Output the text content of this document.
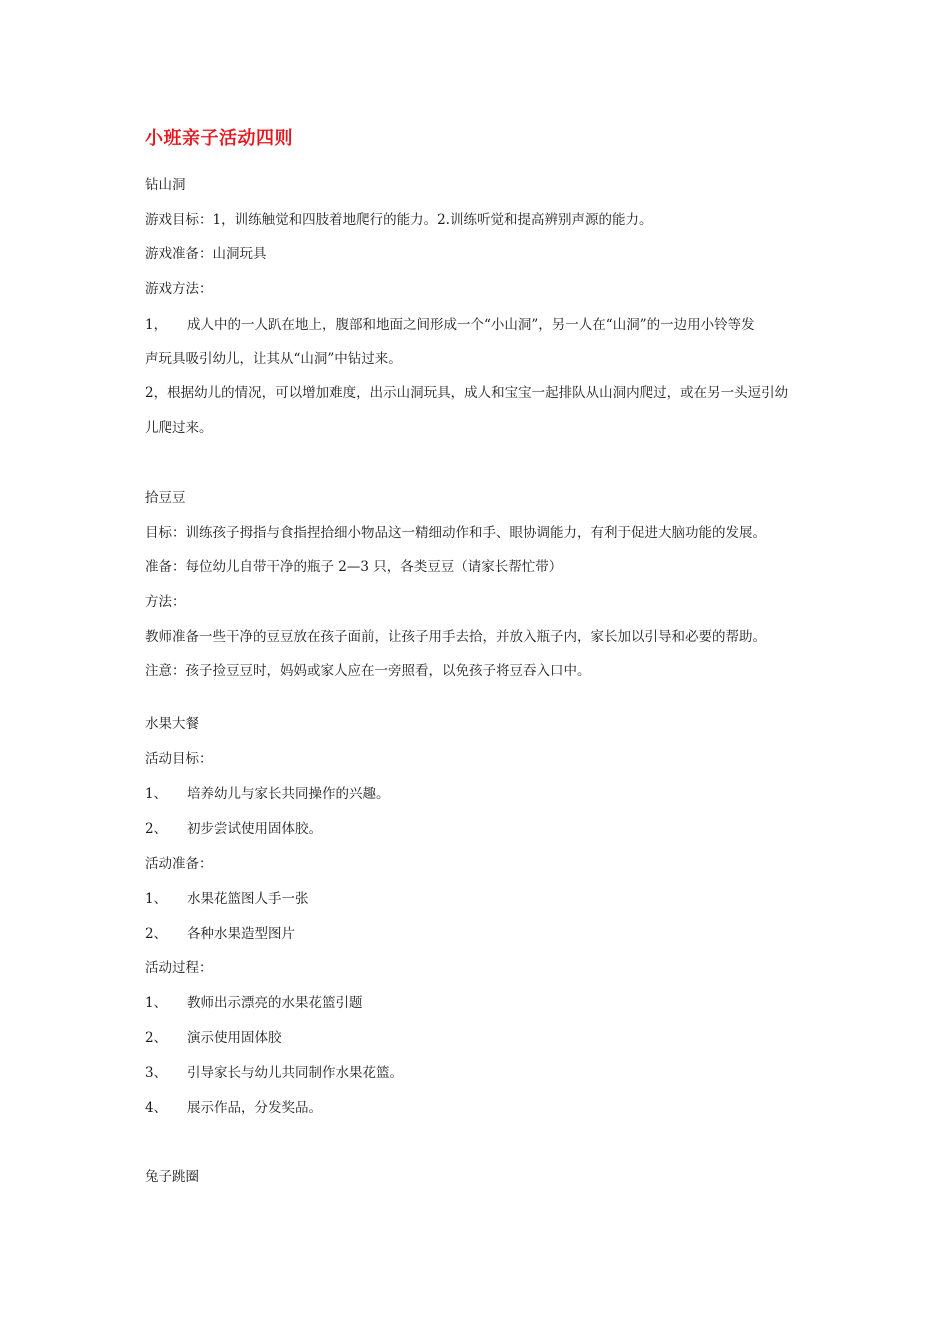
小班亲子活动四则
钻山洞
游戏目标：1，训练触觉和四肢着地爬行的能力。2.训练听觉和提高辨别声源的能力。
游戏准备：山洞玩具
游戏方法：
1， 成人中的一人趴在地上，腹部和地面之间形成一个“小山洞”，另一人在“山洞”的一边用小铃等发
声玩具吸引幼儿，让其从“山洞”中钻过来。
2，根据幼儿的情况，可以增加难度，出示山洞玩具，成人和宝宝一起排队从山洞内爬过，或在另一头逗引幼
儿爬过来。
拾豆豆
目标：训练孩子拇指与食指捏拾细小物品这一精细动作和手、眼协调能力，有利于促进大脑功能的发展。
准备：每位幼儿自带干净的瓶子 2—3 只，各类豆豆（请家长帮忙带）
方法：
教师准备一些干净的豆豆放在孩子面前，让孩子用手去拾，并放入瓶子内，家长加以引导和必要的帮助。
注意：孩子捡豆豆时，妈妈或家人应在一旁照看，以免孩子将豆吞入口中。
水果大餐
活动目标：
1、 培养幼儿与家长共同操作的兴趣。
2、 初步尝试使用固体胶。
活动准备：
1、 水果花篮图人手一张
2、 各种水果造型图片
活动过程：
1、 教师出示漂亮的水果花篮引题
2、 演示使用固体胶
3、 引导家长与幼儿共同制作水果花篮。
4、 展示作品，分发奖品。
兔子跳圈
